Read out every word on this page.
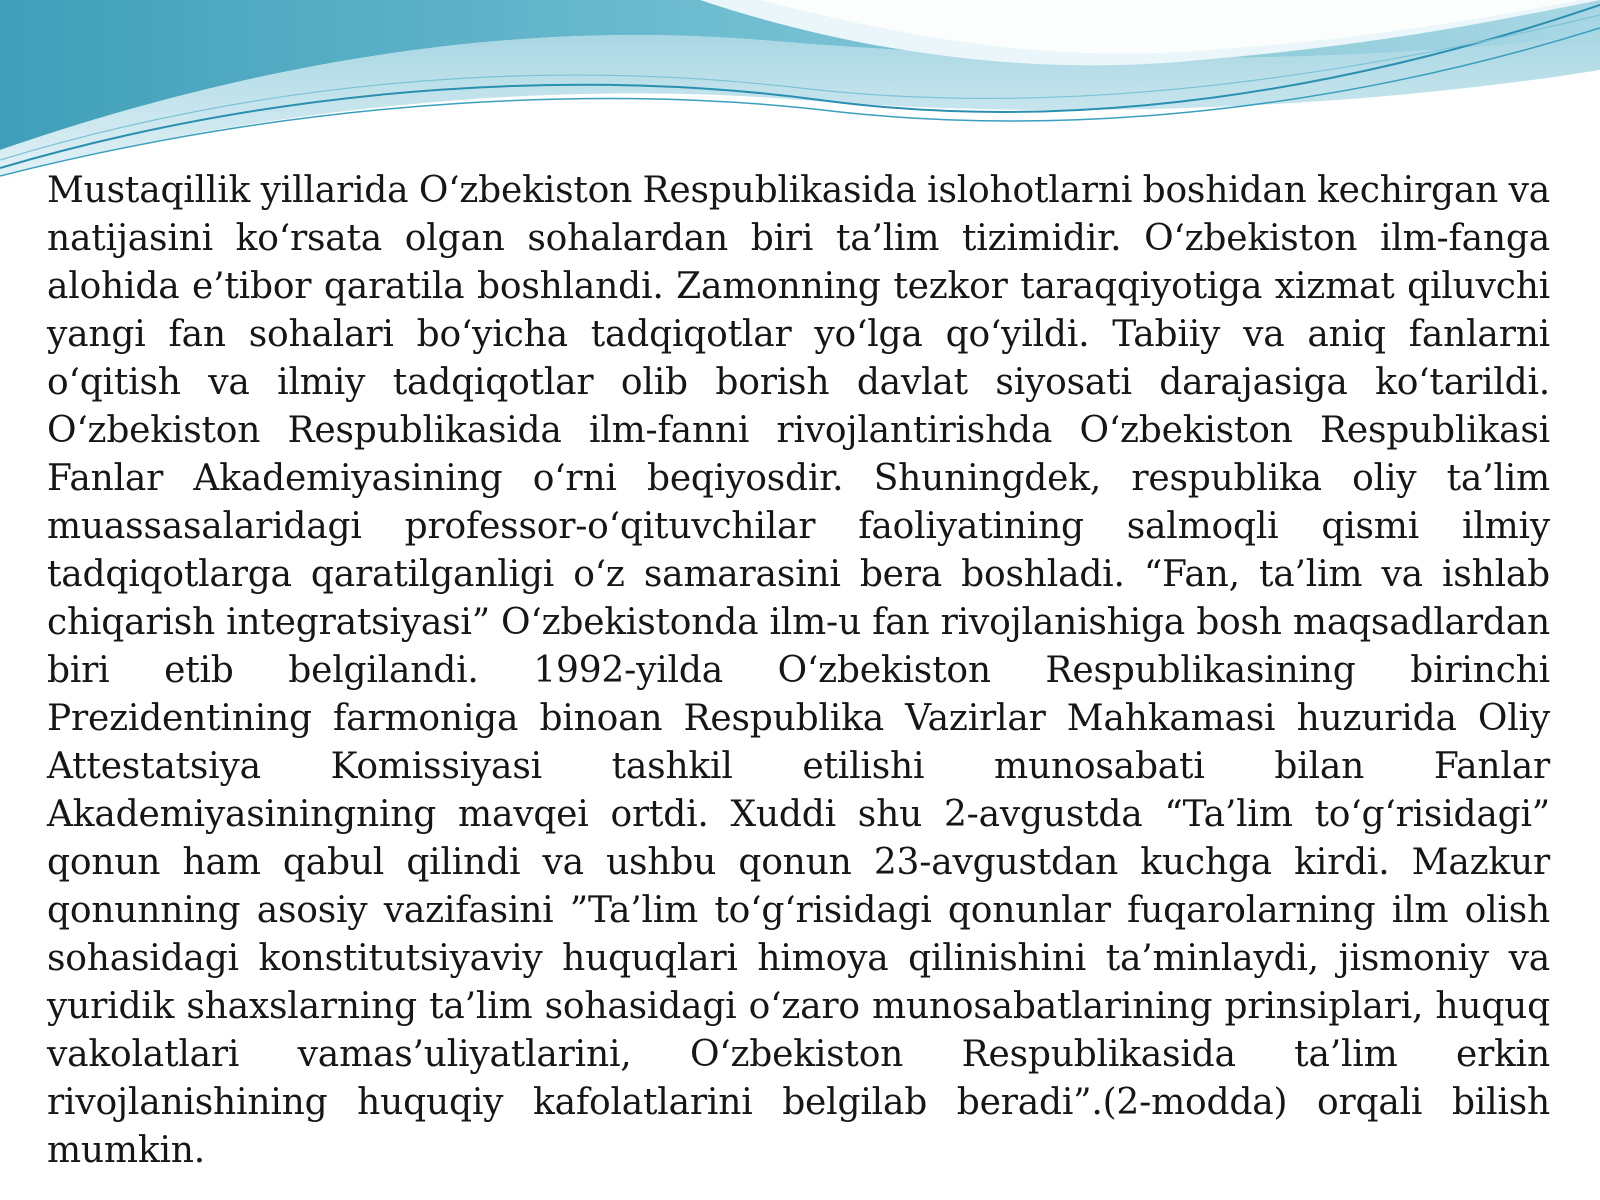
Mustaqillik yillarida O‘zbekiston Respublikasida islohotlarni boshidan kechirgan va natijasini ko‘rsata olgan sohalardan biri ta’lim tizimidir. O‘zbekiston ilm-fanga alohida e’tibor qaratila boshlandi. Zamonning tezkor taraqqiyotiga xizmat qiluvchi yangi fan sohalari bo‘yicha tadqiqotlar yo‘lga qo‘yildi. Tabiiy va aniq fanlarni o‘qitish va ilmiy tadqiqotlar olib borish davlat siyosati darajasiga ko‘tarildi. O‘zbekiston Respublikasida ilm-fanni rivojlantirishda O‘zbekiston Respublikasi Fanlar Akademiyasining o‘rni beqiyosdir. Shuningdek, respublika oliy ta’lim muassasalaridagi professor-o‘qituvchilar faoliyatining salmoqli qismi ilmiy tadqiqotlarga qaratilganligi o‘z samarasini bera boshladi. “Fan, ta’lim va ishlab chiqarish integratsiyasi” O‘zbekistonda ilm-u fan rivojlanishiga bosh maqsadlardan biri etib belgilandi. 1992-yilda O‘zbekiston Respublikasining birinchi Prezidentining farmoniga binoan Respublika Vazirlar Mahkamasi huzurida Oliy Attestatsiya Komissiyasi tashkil etilishi munosabati bilan Fanlar Akademiyasiningning mavqei ortdi. Xuddi shu 2-avgustda “Ta’lim to‘g‘risidagi” qonun ham qabul qilindi va ushbu qonun 23-avgustdan kuchga kirdi. Mazkur qonunning asosiy vazifasini ”Ta’lim to‘g‘risidagi qonunlar fuqarolarning ilm olish sohasidagi konstitutsiyaviy huquqlari himoya qilinishini ta’minlaydi, jismoniy va yuridik shaxslarning ta’lim sohasidagi o‘zaro munosabatlarining prinsiplari, huquq vakolatlari vamas’uliyatlarini, O‘zbekiston Respublikasida ta’lim erkin rivojlanishining huquqiy kafolatlarini belgilab beradi”.(2-modda) orqali bilish mumkin.
